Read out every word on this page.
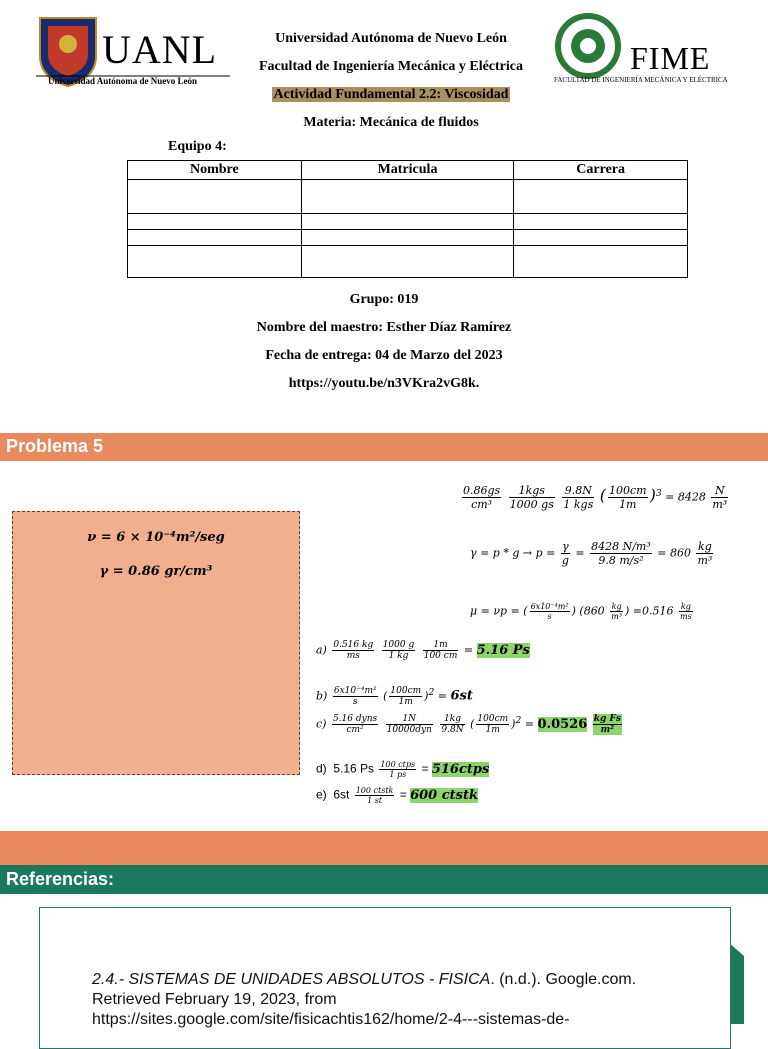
UANL
Universidad Autónoma de Nuevo León
Universidad Autónoma de Nuevo León
Facultad de Ingeniería Mecánica y Eléctrica
Actividad Fundamental 2.2: Viscosidad
Materia: Mecánica de fluidos
FIME
FACULTAD DE INGENIERÍA MECÁNICA Y ELÉCTRICA
Equipo 4:
Nombre	Matricula	Carrera

Grupo: 019
Nombre del maestro: Esther Díaz Ramírez
Fecha de entrega: 04 de Marzo del 2023
https://youtu.be/n3VKra2vG8k.
Problema 5
ν = 6 × 10⁻⁴m²/seg
γ = 0.86 gr/cm³
$\frac{0.86gs}{\text{cm³}}$
$\frac{\text{1kgs}}{1000 gs}$
$\frac{9.8N}{\text{1 kgs}}$ ( $\frac{100cm}{1m} )^3 = 8428 \frac{N}{\text{m³}}$
$\gamma = p * g \to p = \frac{\gamma}{g} = \frac{\text{8428 N/m³}}{\text{9.8 m/s²}} = 860 \frac{kg}{\text{m³}}$
μ = νp = ( $\frac{\text{6x10⁻⁴m²}}{s}$ ) ($860 \frac{kg}{\text{m³}}$ ) $=0.516 \frac{kg}{ms}$
$a) \frac{0.516 kg}{ms}$
$\frac{1000 g}{1 kg}$
$\frac{1m}{100 cm} = 5.16$ Ps
$b) \frac{\text{6x10⁻⁴m²}}{s}$ ( $\frac{100cm}{1m} )^2 = 6st$
$c) \frac{\text{5.16 dyns}}{\text{cm²}}$
$\frac{1N}{\text{10000dyn}}$
$\frac{1kg}{9.8N}$ ( $\frac{100cm}{1m} )^2 = 0.0526 \frac{\text{kg Fs}}{\text{m²}}$
d) 5.16 Ps $\frac{\text{100 ctps}}{1 ps}$ = 516ctps
e) $6st \frac{\text{100 ctstk}}{1 st} = 600$ ctstk
Referencias:
2.4.- SISTEMAS DE UNIDADES ABSOLUTOS - FISICA. (n.d.). Google.com.
Retrieved February 19, 2023, from
https://sites.google.com/site/fisicachtis162/home/2-4---sistemas-de-
